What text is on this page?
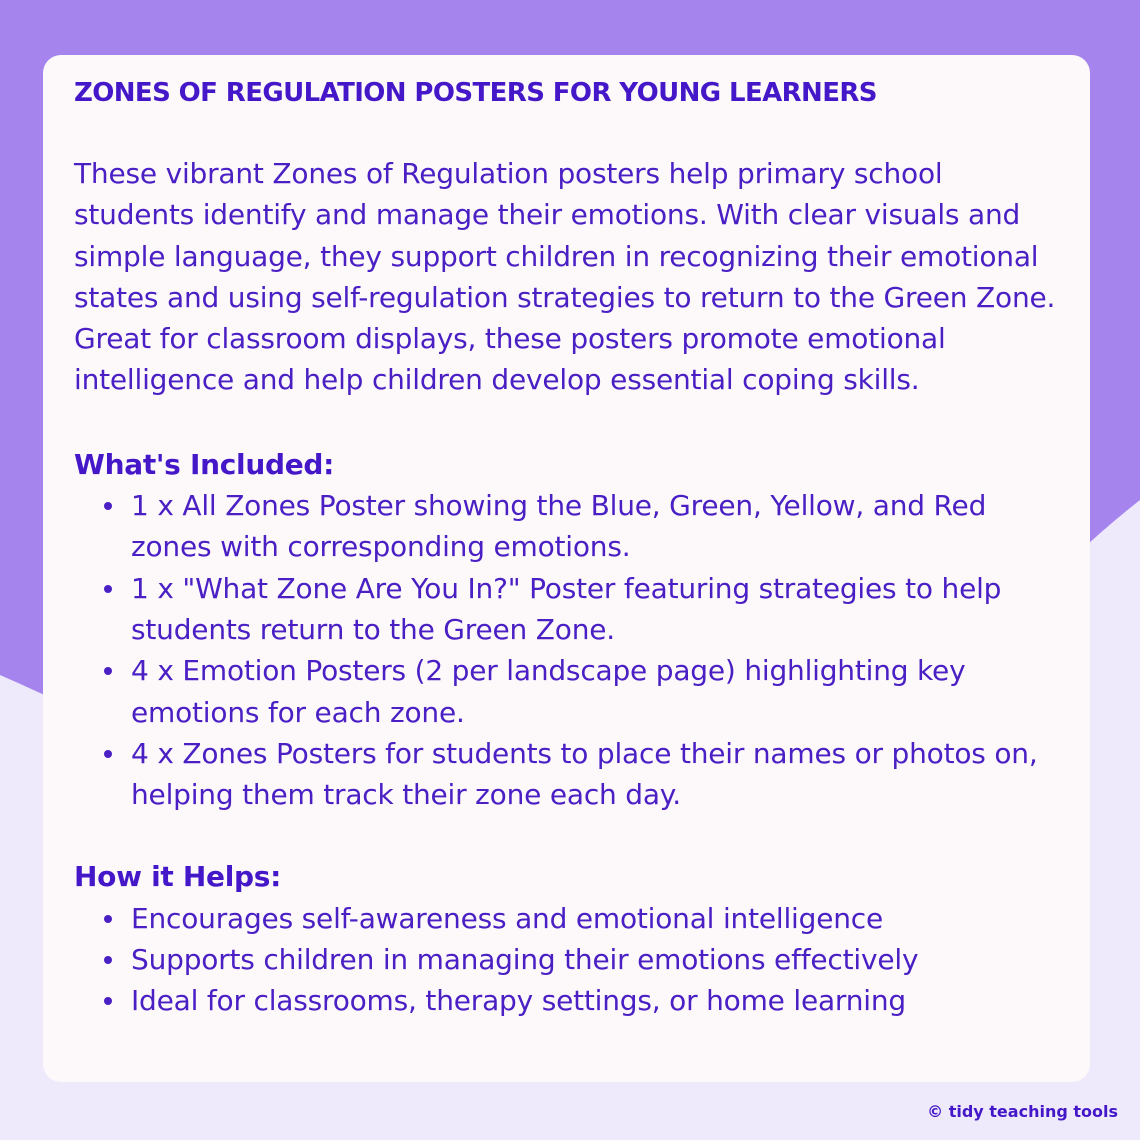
ZONES OF REGULATION POSTERS FOR YOUNG LEARNERS

These vibrant Zones of Regulation posters help primary school students identify and manage their emotions. With clear visuals and simple language, they support children in recognizing their emotional states and using self-regulation strategies to return to the Green Zone. Great for classroom displays, these posters promote emotional intelligence and help children develop essential coping skills.

What's Included:
1 x All Zones Poster showing the Blue, Green, Yellow, and Red zones with corresponding emotions.
1 x "What Zone Are You In?" Poster featuring strategies to help students return to the Green Zone.
4 x Emotion Posters (2 per landscape page) highlighting key emotions for each zone.
4 x Zones Posters for students to place their names or photos on, helping them track their zone each day.
How it Helps:
Encourages self-awareness and emotional intelligence
Supports children in managing their emotions effectively
Ideal for classrooms, therapy settings, or home learning
© tidy teaching tools
